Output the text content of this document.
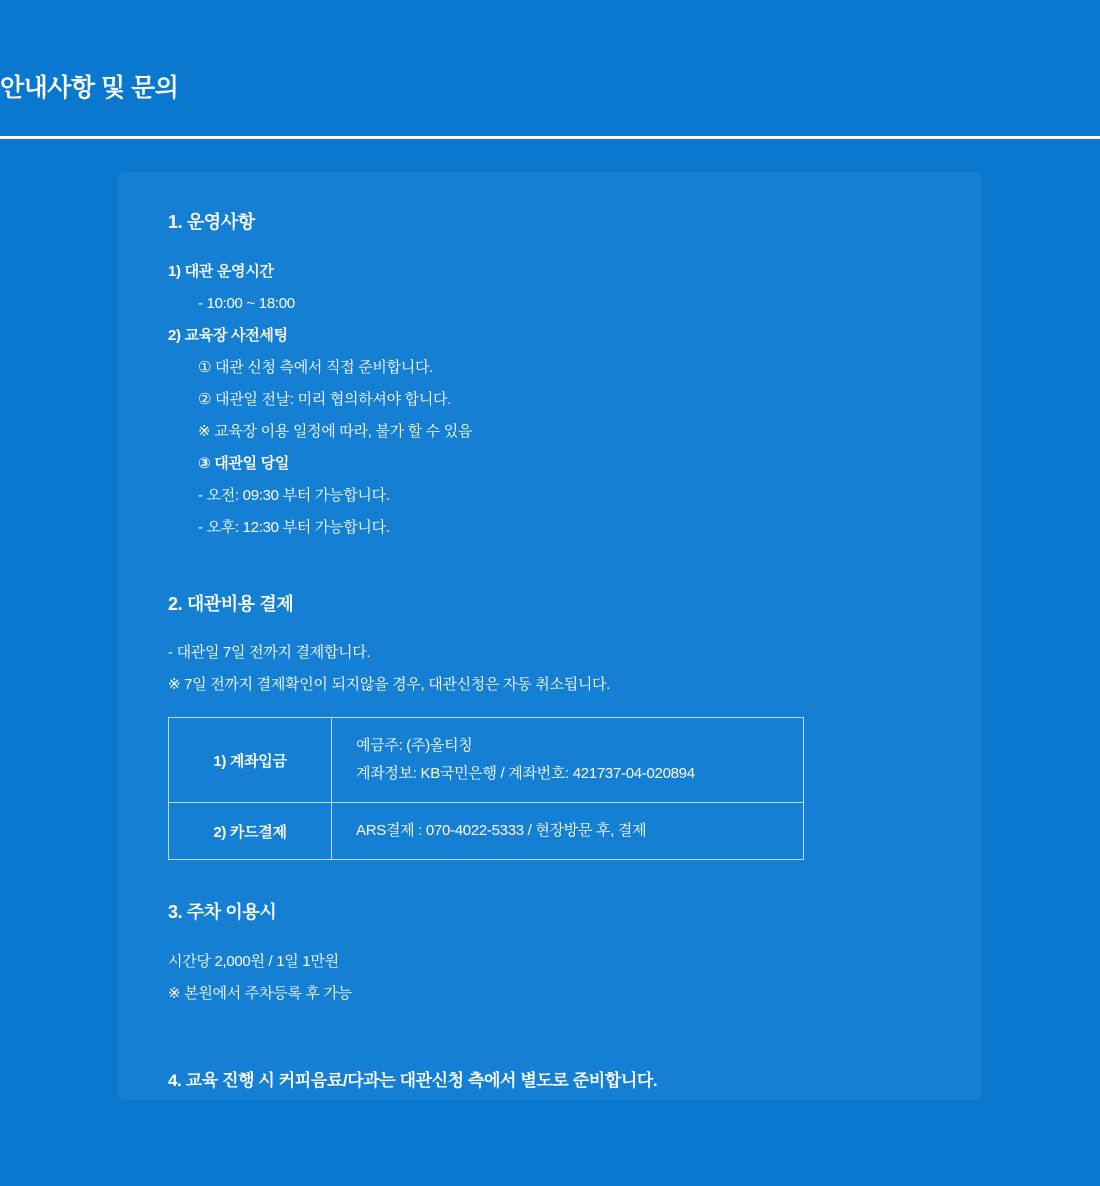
안내사항 및 문의
1. 운영사항
1) 대관 운영시간
- 10:00 ~ 18:00
2) 교육장 사전세팅
① 대관 신청 측에서 직접 준비합니다.
② 대관일 전날: 미리 협의하셔야 합니다.
※ 교육장 이용 일정에 따라, 불가 할 수 있음
③ 대관일 당일
- 오전: 09:30 부터 가능합니다.
- 오후: 12:30 부터 가능합니다.
2. 대관비용 결제
- 대관일 7일 전까지 결제합니다.
※ 7일 전까지 결제확인이 되지않을 경우, 대관신청은 자동 취소됩니다.
1) 계좌입금	예금주: (주)올티칭
계좌정보: KB국민은행 / 계좌번호: 421737-04-020894

2) 카드결제	ARS결제 : 070-4022-5333 / 현장방문 후, 결제
3. 주차 이용시
시간당 2,000원 / 1일 1만원
※ 본원에서 주차등록 후 가능
4. 교육 진행 시 커피음료/다과는 대관신청 측에서 별도로 준비합니다.
